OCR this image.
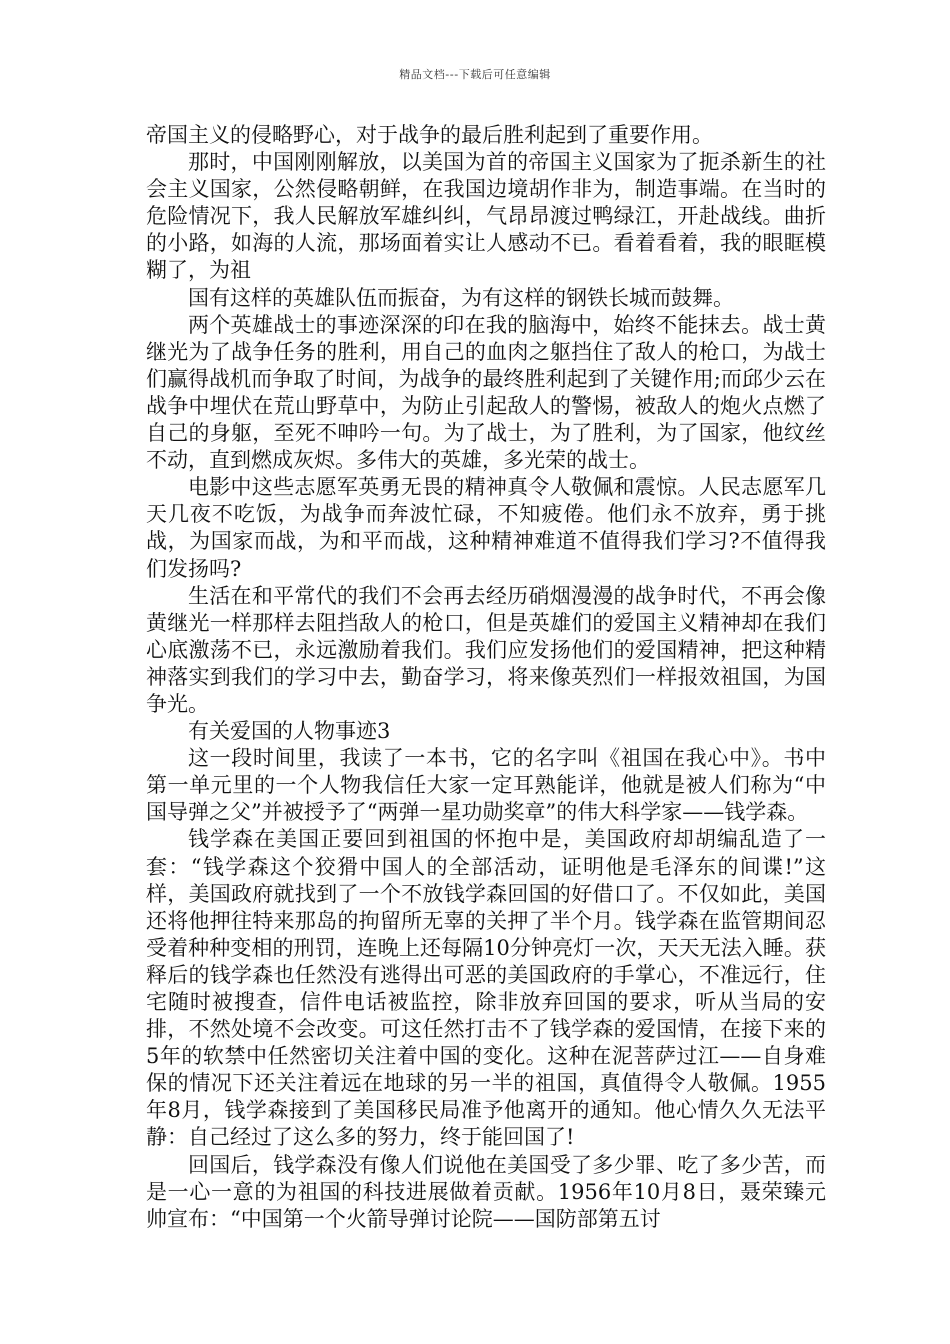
精品文档---下载后可任意编辑

帝国主义的侵略野心，对于战争的最后胜利起到了重要作用。

那时，中国刚刚解放，以美国为首的帝国主义国家为了扼杀新生的社会主义国家，公然侵略朝鲜，在我国边境胡作非为，制造事端。在当时的危险情况下，我人民解放军雄纠纠，气昂昂渡过鸭绿江，开赴战线。曲折的小路，如海的人流，那场面着实让人感动不已。看着看着，我的眼眶模糊了，为祖

国有这样的英雄队伍而振奋，为有这样的钢铁长城而鼓舞。

两个英雄战士的事迹深深的印在我的脑海中，始终不能抹去。战士黄继光为了战争任务的胜利，用自己的血肉之躯挡住了敌人的枪口，为战士们赢得战机而争取了时间，为战争的最终胜利起到了关键作用;而邱少云在战争中埋伏在荒山野草中，为防止引起敌人的警惕，被敌人的炮火点燃了自己的身躯，至死不呻吟一句。为了战士，为了胜利，为了国家，他纹丝不动，直到燃成灰烬。多伟大的英雄，多光荣的战士。

电影中这些志愿军英勇无畏的精神真令人敬佩和震惊。人民志愿军几天几夜不吃饭，为战争而奔波忙碌，不知疲倦。他们永不放弃，勇于挑战，为国家而战，为和平而战，这种精神难道不值得我们学习?不值得我们发扬吗?

生活在和平常代的我们不会再去经历硝烟漫漫的战争时代，不再会像黄继光一样那样去阻挡敌人的枪口，但是英雄们的爱国主义精神却在我们心底激荡不已，永远激励着我们。我们应发扬他们的爱国精神，把这种精神落实到我们的学习中去，勤奋学习，将来像英烈们一样报效祖国，为国争光。

有关爱国的人物事迹3

这一段时间里，我读了一本书，它的名字叫《祖国在我心中》。书中第一单元里的一个人物我信任大家一定耳熟能详，他就是被人们称为“中国导弹之父”并被授予了“两弹一星功勋奖章”的伟大科学家——钱学森。

钱学森在美国正要回到祖国的怀抱中是，美国政府却胡编乱造了一套：“钱学森这个狡猾中国人的全部活动，证明他是毛泽东的间谍!”这样，美国政府就找到了一个不放钱学森回国的好借口了。不仅如此，美国还将他押往特来那岛的拘留所无辜的关押了半个月。钱学森在监管期间忍受着种种变相的刑罚，连晚上还每隔10分钟亮灯一次，天天无法入睡。获释后的钱学森也任然没有逃得出可恶的美国政府的手掌心，不准远行，住宅随时被搜查，信件电话被监控，除非放弃回国的要求，听从当局的安排，不然处境不会改变。可这任然打击不了钱学森的爱国情，在接下来的5年的软禁中任然密切关注着中国的变化。这种在泥菩萨过江——自身难保的情况下还关注着远在地球的另一半的祖国，真值得令人敬佩。1955年8月，钱学森接到了美国移民局准予他离开的通知。他心情久久无法平静：自己经过了这么多的努力，终于能回国了!

回国后，钱学森没有像人们说他在美国受了多少罪、吃了多少苦，而是一心一意的为祖国的科技进展做着贡献。1956年10月8日，聂荣臻元帅宣布：“中国第一个火箭导弹讨论院——国防部第五讨
